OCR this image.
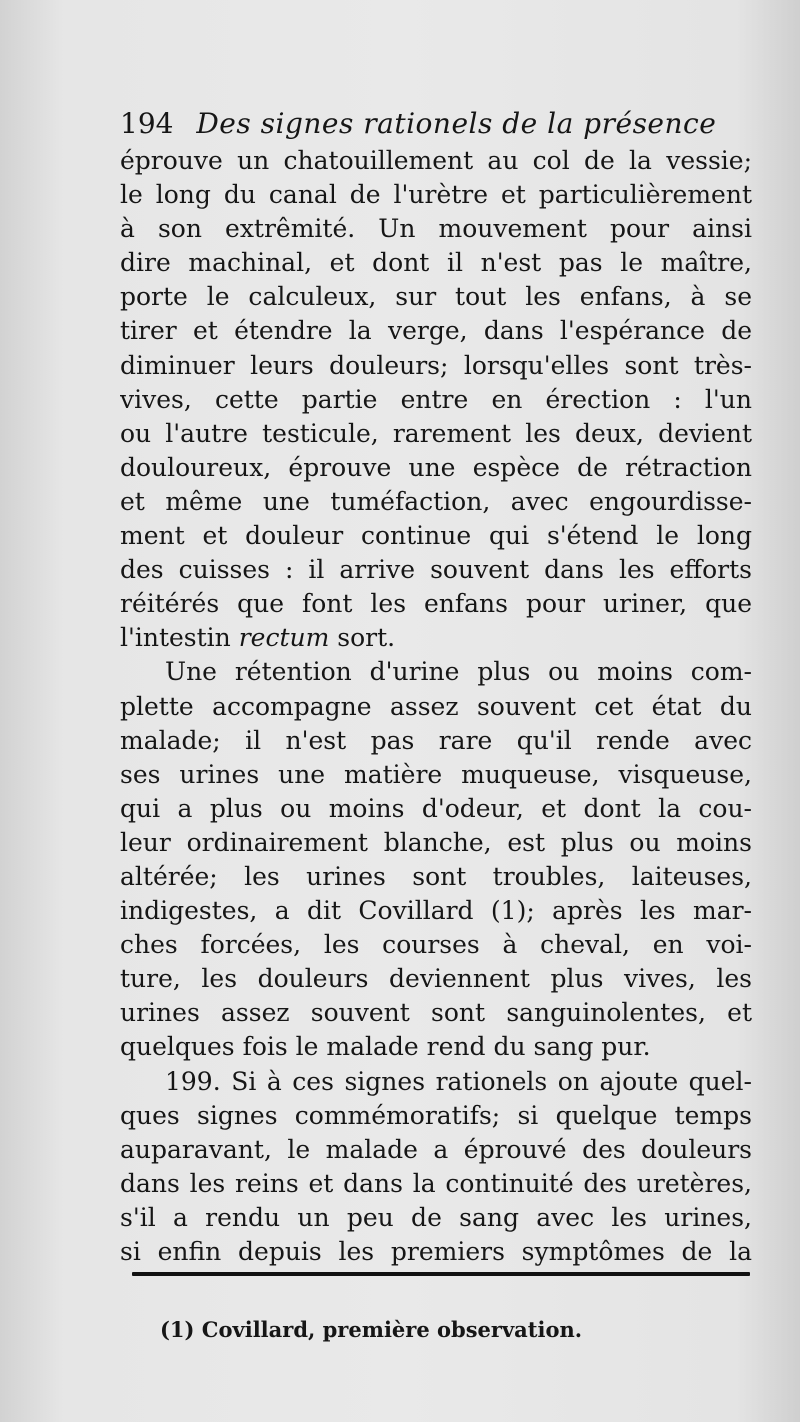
194 Des signes rationels de la présence
éprouve un chatouillement au col de la vessie;
le long du canal de l'urètre et particulièrement
à son extrêmité. Un mouvement pour ainsi
dire machinal, et dont il n'est pas le maître,
porte le calculeux, sur tout les enfans, à se
tirer et étendre la verge, dans l'espérance de
diminuer leurs douleurs; lorsqu'elles sont très-
vives, cette partie entre en érection : l'un
ou l'autre testicule, rarement les deux, devient
douloureux, éprouve une espèce de rétraction
et même une tuméfaction, avec engourdisse-
ment et douleur continue qui s'étend le long
des cuisses : il arrive souvent dans les efforts
réitérés que font les enfans pour uriner, que
l'intestin rectum sort.
Une rétention d'urine plus ou moins com-
plette accompagne assez souvent cet état du
malade; il n'est pas rare qu'il rende avec
ses urines une matière muqueuse, visqueuse,
qui a plus ou moins d'odeur, et dont la cou-
leur ordinairement blanche, est plus ou moins
altérée; les urines sont troubles, laiteuses,
indigestes, a dit Covillard (1); après les mar-
ches forcées, les courses à cheval, en voi-
ture, les douleurs deviennent plus vives, les
urines assez souvent sont sanguinolentes, et
quelques fois le malade rend du sang pur.
199. Si à ces signes rationels on ajoute quel-
ques signes commémoratifs; si quelque temps
auparavant, le malade a éprouvé des douleurs
dans les reins et dans la continuité des uretères,
s'il a rendu un peu de sang avec les urines,
si enfin depuis les premiers symptômes de la
(1) Covillard, première observation.
